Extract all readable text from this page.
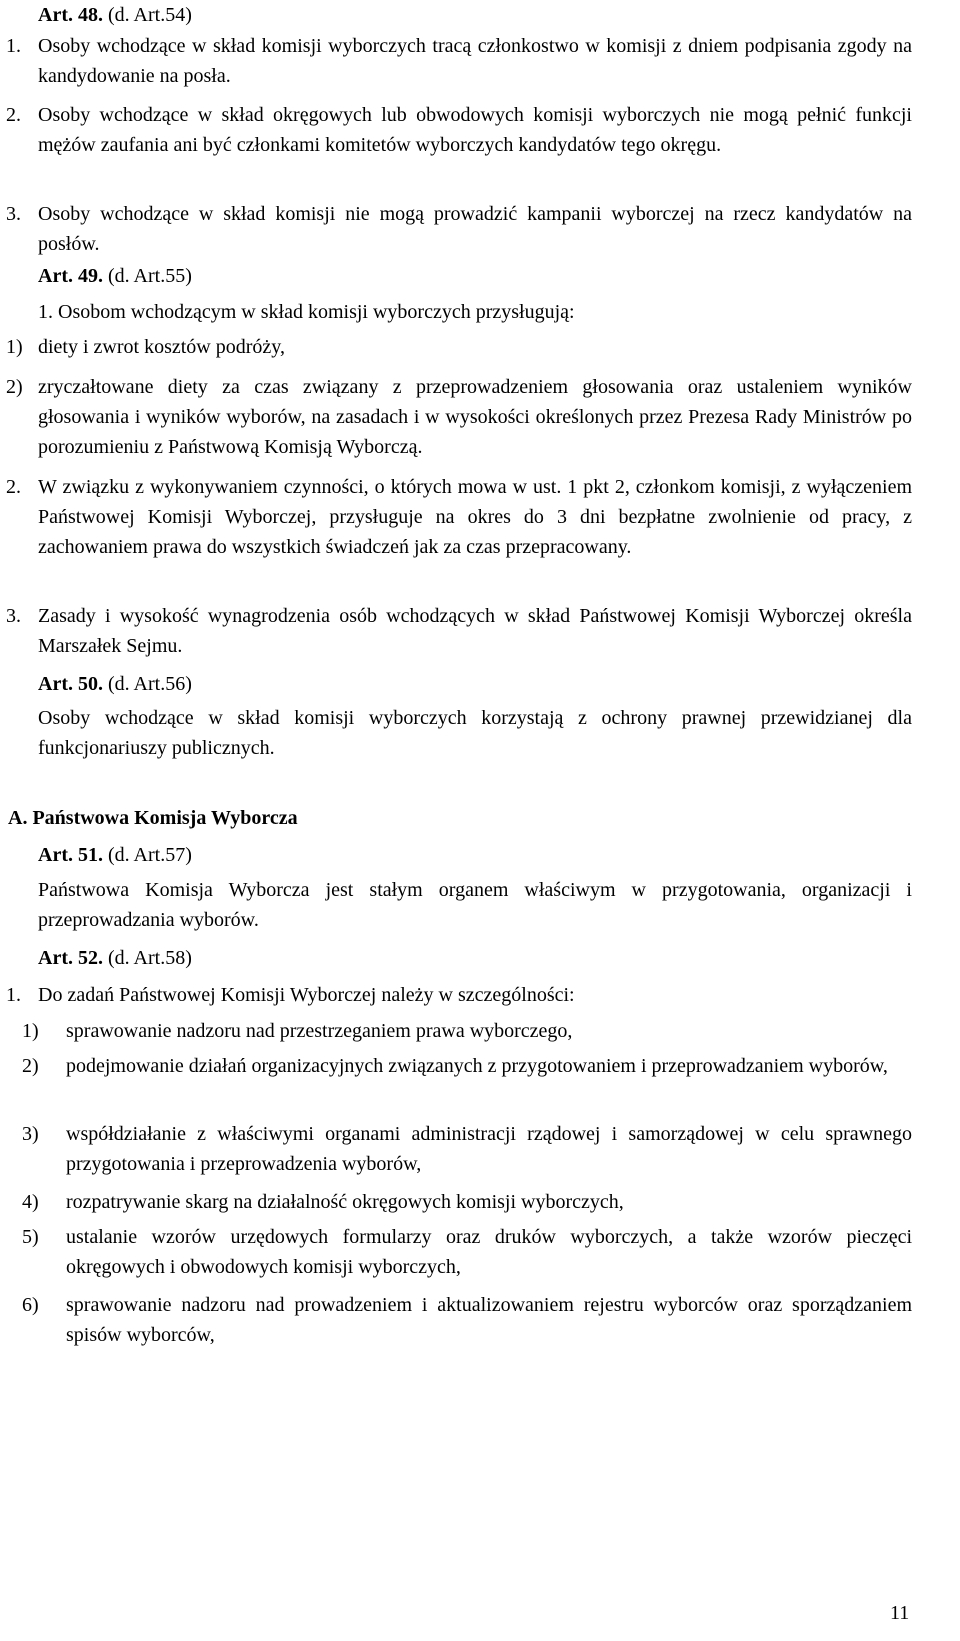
Art. 48. (d. Art.54)
1. Osoby wchodzące w skład komisji wyborczych tracą członkostwo w komisji z dniem podpisania zgody na kandydowanie na posła.

2. Osoby wchodzące w skład okręgowych lub obwodowych komisji wyborczych nie mogą pełnić funkcji mężów zaufania ani być członkami komitetów wyborczych kandydatów tego okręgu.

3. Osoby wchodzące w skład komisji nie mogą prowadzić kampanii wyborczej na rzecz kandydatów na posłów.

Art. 49. (d. Art.55)
1. Osobom wchodzącym w skład komisji wyborczych przysługują:
1) diety i zwrot kosztów podróży,

2) zryczałtowane diety za czas związany z przeprowadzeniem głosowania oraz ustaleniem wyników głosowania i wyników wyborów, na zasadach i w wysokości określonych przez Prezesa Rady Ministrów po porozumieniu z Państwową Komisją Wyborczą.

2. W związku z wykonywaniem czynności, o których mowa w ust. 1 pkt 2, członkom komisji, z wyłączeniem Państwowej Komisji Wyborczej, przysługuje na okres do 3 dni bezpłatne zwolnienie od pracy, z zachowaniem prawa do wszystkich świadczeń jak za czas przepracowany.

3. Zasady i wysokość wynagrodzenia osób wchodzących w skład Państwowej Komisji Wyborczej określa Marszałek Sejmu.

Art. 50. (d. Art.56)

Osoby wchodzące w skład komisji wyborczych korzystają z ochrony prawnej przewidzianej dla funkcjonariuszy publicznych.

A. Państwowa Komisja Wyborcza
Art. 51. (d. Art.57)

Państwowa Komisja Wyborcza jest stałym organem właściwym w przygotowania, organizacji i przeprowadzania wyborów.

Art. 52. (d. Art.58)
1. Do zadań Państwowej Komisji Wyborczej należy w szczególności:

1) sprawowanie nadzoru nad przestrzeganiem prawa wyborczego,

2) podejmowanie działań organizacyjnych związanych z przygotowaniem i przeprowadzaniem wyborów,

3) współdziałanie z właściwymi organami administracji rządowej i samorządowej w celu sprawnego przygotowania i przeprowadzenia wyborów,

4) rozpatrywanie skarg na działalność okręgowych komisji wyborczych,

5) ustalanie wzorów urzędowych formularzy oraz druków wyborczych, a także wzorów pieczęci okręgowych i obwodowych komisji wyborczych,

6) sprawowanie nadzoru nad prowadzeniem i aktualizowaniem rejestru wyborców oraz sporządzaniem spisów wyborców,

11
